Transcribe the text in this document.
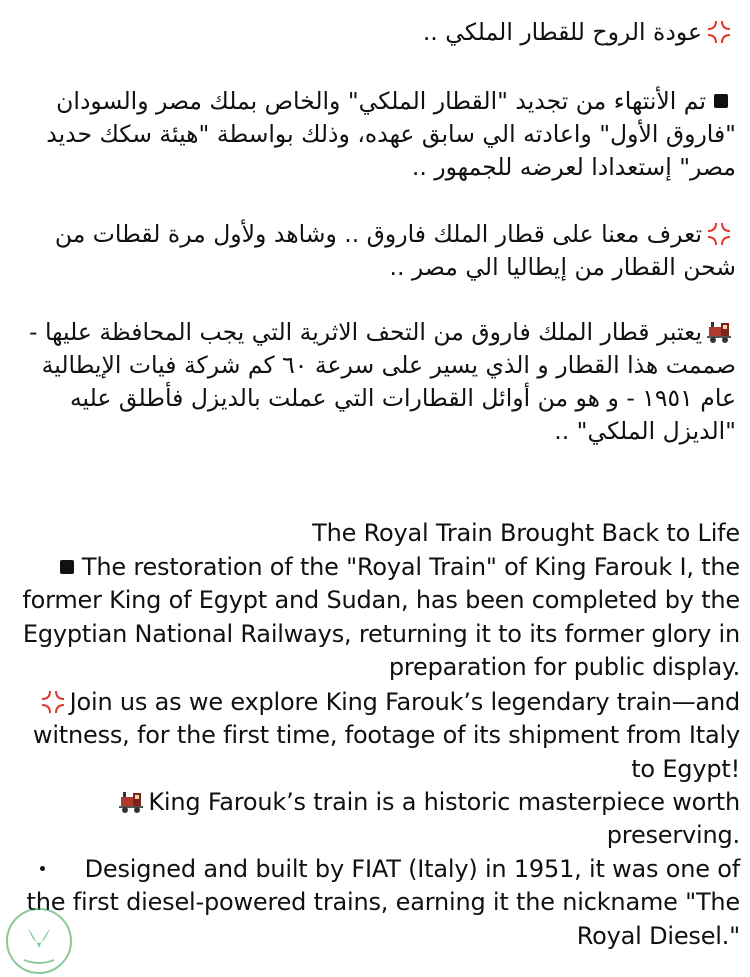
عودة الروح للقطار الملكي ..
تم الأنتهاء من تجديد "القطار الملكي" والخاص بملك مصر والسودان "فاروق الأول" واعادته الي سابق عهده، وذلك بواسطة "هيئة سكك حديد مصر" إستعدادا لعرضه للجمهور ..
تعرف معنا على قطار الملك فاروق .. وشاهد ولأول مرة لقطات من شحن القطار من إيطاليا الي مصر ..
يعتبر قطار الملك فاروق من التحف الاثرية التي يجب المحافظة عليها - صممت هذا القطار و الذي يسير على سرعة ٦٠ كم شركة فيات الإيطالية عام ١٩٥١ - و هو من أوائل القطارات التي عملت بالديزل فأطلق عليه "الديزل الملكي" ..
The Royal Train Brought Back to Life
The restoration of the "Royal Train" of King Farouk I, the former King of Egypt and Sudan, has been completed by the Egyptian National Railways, returning it to its former glory in preparation for public display.
Join us as we explore King Farouk’s legendary train—and witness, for the first time, footage of its shipment from Italy to Egypt!
King Farouk’s train is a historic masterpiece worth preserving.
Designed and built by FIAT (Italy) in 1951, it was one of the first diesel-powered trains, earning it the nickname "The Royal Diesel."
